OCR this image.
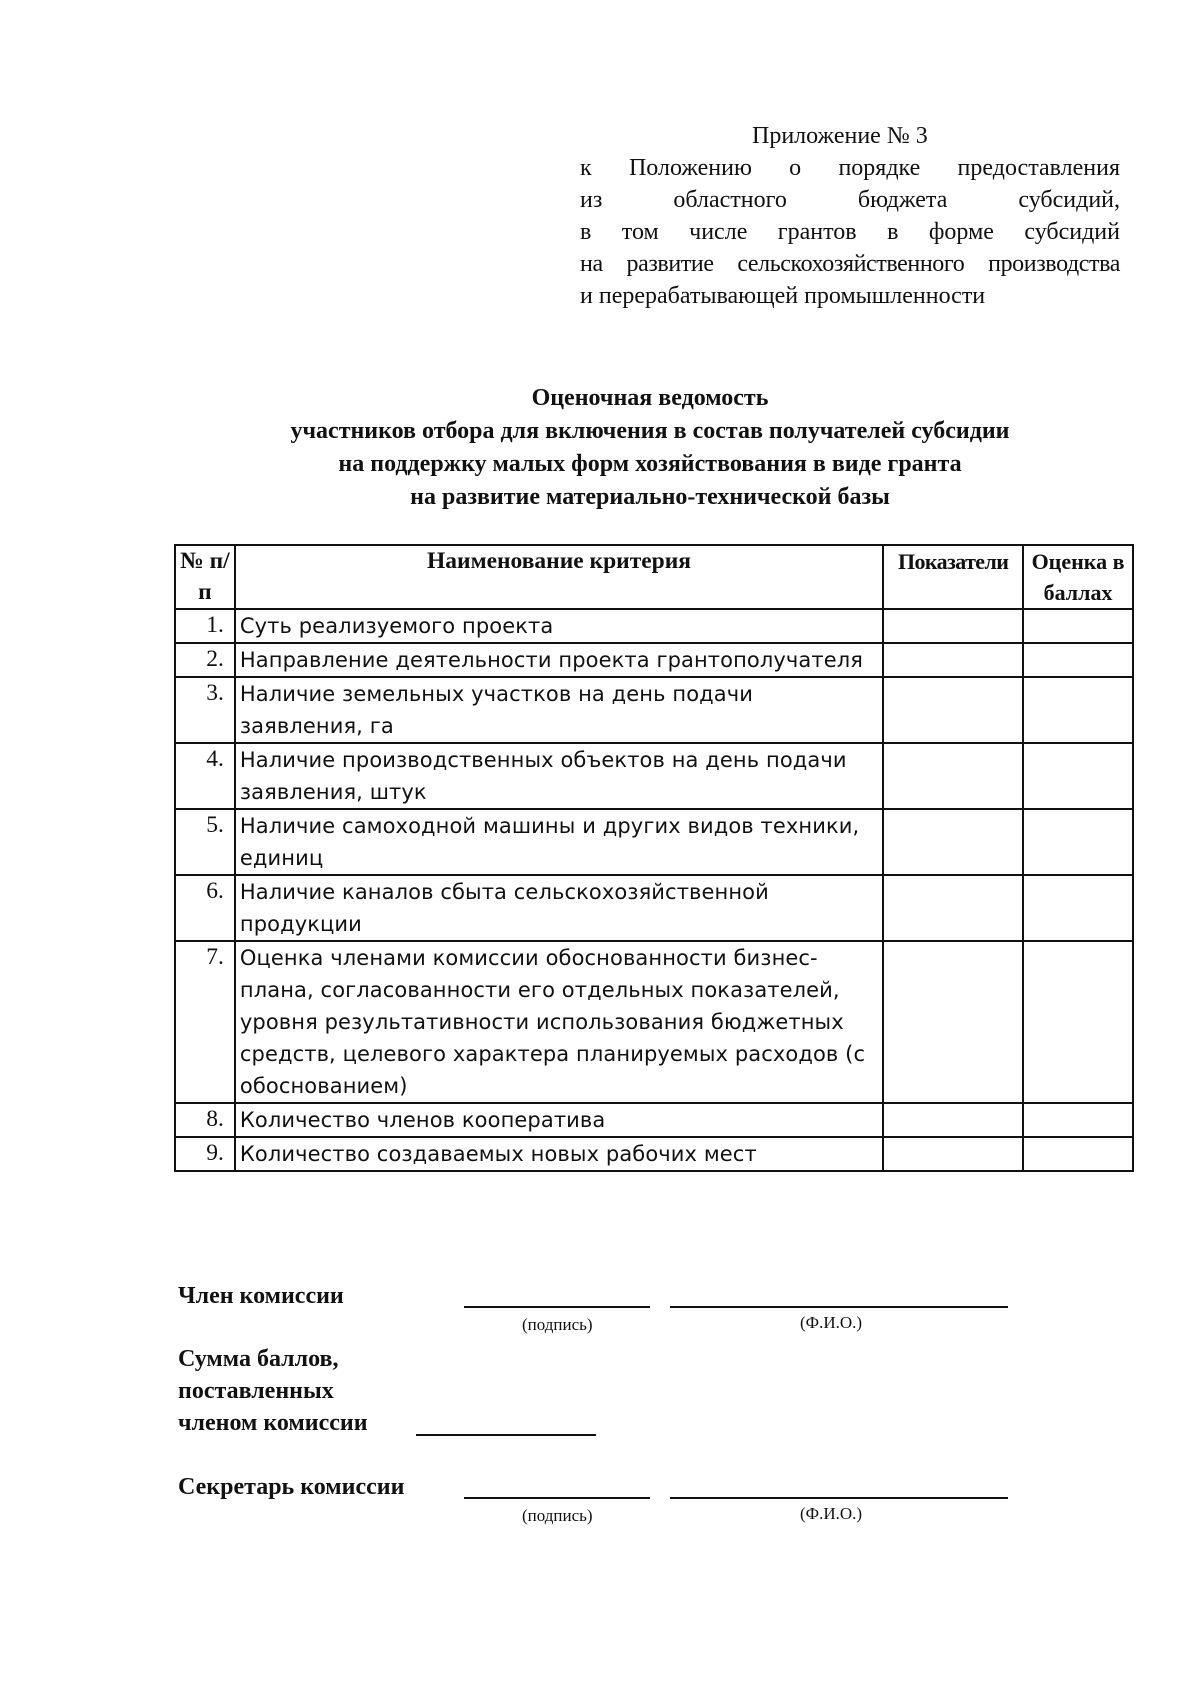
Приложение № 3
к Положению о порядке предоставления
из областного бюджета субсидий,
в том числе грантов в форме субсидий
на развитие сельскохозяйственного производства
и перерабатывающей промышленности
Оценочная ведомость
участников отбора для включения в состав получателей субсидии
на поддержку малых форм хозяйствования в виде гранта
на развитие материально-технической базы
№ п/п	Наименование критерия	Показатели	Оценка в баллах
1.	Суть реализуемого проекта		
2.	Направление деятельности проекта грантополучателя		
3.	Наличие земельных участков на день подачи заявления, га		
4.	Наличие производственных объектов на день подачи заявления, штук		
5.	Наличие самоходной машины и других видов техники, единиц		
6.	Наличие каналов сбыта сельскохозяйственной продукции		
7.	Оценка членами комиссии обоснованности бизнес-плана, согласованности его отдельных показателей, уровня результативности использования бюджетных средств, целевого характера планируемых расходов (с обоснованием)		
8.	Количество членов кооператива		
9.	Количество создаваемых новых рабочих мест		
Член комиссии
(подпись)	(Ф.И.О.)
Сумма баллов,
поставленных
членом комиссии
Секретарь комиссии
(подпись)	(Ф.И.О.)
